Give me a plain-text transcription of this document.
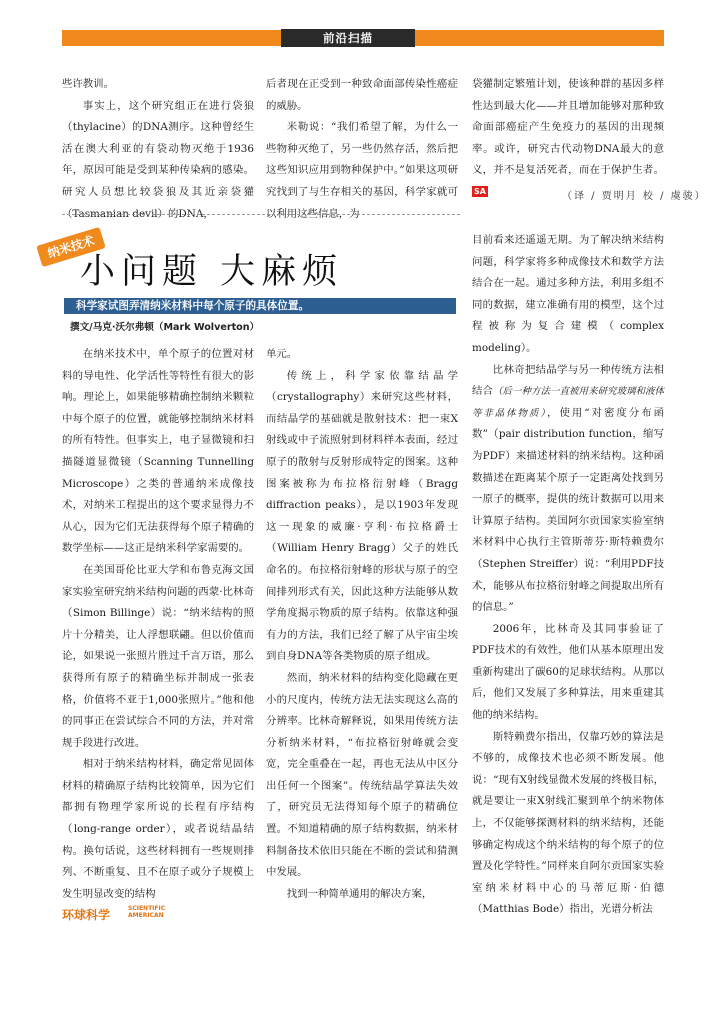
前沿扫描

些许教训。

事实上，这个研究组正在进行袋狼（thylacine）的DNA测序。这种曾经生活在澳大利亚的有袋动物灭绝于1936年，原因可能是受到某种传染病的感染。研究人员想比较袋狼及其近亲袋獾（Tasmanian devil）的DNA，

后者现在正受到一种致命面部传染性癌症的威胁。

米勒说：“我们希望了解，为什么一些物种灭绝了，另一些仍然存活，然后把这些知识应用到物种保护中。”如果这项研究找到了与生存相关的基因，科学家就可以利用这些信息，为

袋獾制定繁殖计划，使该种群的基因多样性达到最大化——并且增加能够对那种致命面部癌症产生免疫力的基因的出现频率。或许，研究古代动物DNA最大的意义，并不是复活死者，而在于保护生者。SA	（译 / 贾明月 校 / 虞骏）
纳米技术
小问题 大麻烦
科学家试图弄清纳米材料中每个原子的具体位置。
撰文/马克·沃尔弗顿（Mark Wolverton）

在纳米技术中，单个原子的位置对材料的导电性、化学活性等特性有很大的影响。理论上，如果能够精确控制纳米颗粒中每个原子的位置，就能够控制纳米材料的所有特性。但事实上，电子显微镜和扫描隧道显微镜（Scanning Tunnelling Microscope）之类的普通纳米成像技术，对纳米工程提出的这个要求显得力不从心，因为它们无法获得每个原子精确的数学坐标——这正是纳米科学家需要的。

在美国哥伦比亚大学和布鲁克海文国家实验室研究纳米结构问题的西蒙·比林奇（Simon Billinge）说：“纳米结构的照片十分精美，让人浮想联翩。但以价值而论，如果说一张照片胜过千言万语，那么获得所有原子的精确坐标并制成一张表格，价值将不亚于1,000张照片。”他和他的同事正在尝试综合不同的方法，并对常规手段进行改进。

相对于纳米结构材料，确定常见固体材料的精确原子结构比较简单，因为它们都拥有物理学家所说的长程有序结构（long-range order），或者说结晶结构。换句话说，这些材料拥有一些规则排列、不断重复、且不在原子或分子规模上发生明显改变的结构

单元。

传统上，科学家依靠结晶学（crystallography）来研究这些材料，而结晶学的基础就是散射技术：把一束X射线或中子流照射到材料样本表面，经过原子的散射与反射形成特定的图案。这种图案被称为布拉格衍射峰（Bragg diffraction peaks），是以1903年发现这一现象的威廉·亨利·布拉格爵士（William Henry Bragg）父子的姓氏命名的。布拉格衍射峰的形状与原子的空间排列形式有关，因此这种方法能够从数学角度揭示物质的原子结构。依靠这种强有力的方法，我们已经了解了从宇宙尘埃到自身DNA等各类物质的原子组成。

然而，纳米材料的结构变化隐藏在更小的尺度内，传统方法无法实现这么高的分辨率。比林奇解释说，如果用传统方法分析纳米材料，“布拉格衍射峰就会变宽，完全重叠在一起，再也无法从中区分出任何一个图案”。传统结晶学算法失效了，研究员无法得知每个原子的精确位置。不知道精确的原子结构数据，纳米材料制备技术依旧只能在不断的尝试和猜测中发展。

找到一种简单通用的解决方案，

目前看来还遥遥无期。为了解决纳米结构问题，科学家将多种成像技术和数学方法结合在一起。通过多种方法，利用多组不同的数据，建立准确有用的模型，这个过程被称为复合建模（complex modeling）。

比林奇把结晶学与另一种传统方法相结合（后一种方法一直被用来研究玻璃和液体等非晶体物质），使用“对密度分布函数”（pair distribution function，缩写为PDF）来描述材料的纳米结构。这种函数描述在距离某个原子一定距离处找到另一原子的概率，提供的统计数据可以用来计算原子结构。美国阿尔贡国家实验室纳米材料中心执行主管斯蒂芬·斯特赖费尔（Stephen Streiffer）说：“利用PDF技术，能够从布拉格衍射峰之间提取出所有的信息。”

2006年，比林奇及其同事验证了PDF技术的有效性，他们从基本原理出发重新构建出了碳60的足球状结构。从那以后，他们又发展了多种算法，用来重建其他的纳米结构。

斯特赖费尔指出，仅靠巧妙的算法是不够的，成像技术也必须不断发展。他说：“现有X射线显微术发展的终极目标，就是要让一束X射线汇聚到单个纳米物体上，不仅能够探测材料的纳米结构，还能够确定构成这个纳米结构的每个原子的位置及化学特性。”同样来自阿尔贡国家实验室纳米材料中心的马蒂厄斯·伯德（Matthias Bode）指出，光谱分析法

环球科学	SCIENTIFIC
AMERICAN
